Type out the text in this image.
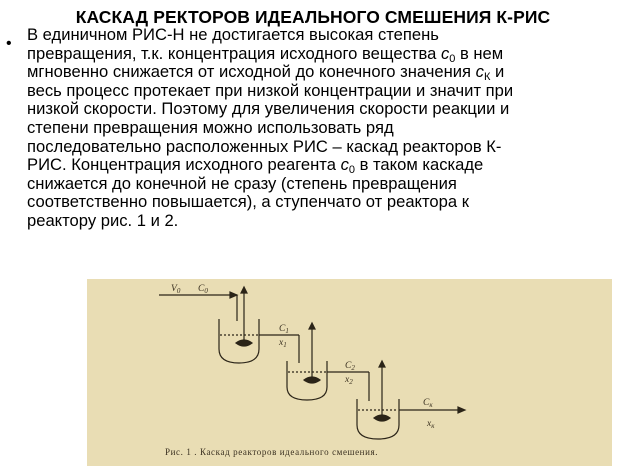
КАСКАД РЕКТОРОВ ИДЕАЛЬНОГО СМЕШЕНИЯ К-РИС
• В единичном РИС-Н не достигается высокая степень
превращения, т.к. концентрация исходного вещества $c_0$ в нем
мгновенно снижается от исходной до конечного значения $c_К$ и
весь процесс протекает при низкой концентрации и значит при
низкой скорости. Поэтому для увеличения скорости реакции и
степени превращения можно использовать ряд
последовательно расположенных РИС – каскад реакторов К-
РИС. Концентрация исходного реагента $c_0$ в таком каскаде
снижается до конечной не сразу (степень превращения
соответственно повышается), а ступенчато от реактора к
реактору рис. 1 и 2.
$V_0$ $C_0$
$C_1$
$x_1$
$C_2$
$x_2$
$C_к$
$x_к$
Рис. 1 . Каскад реакторов идеального смешения.
